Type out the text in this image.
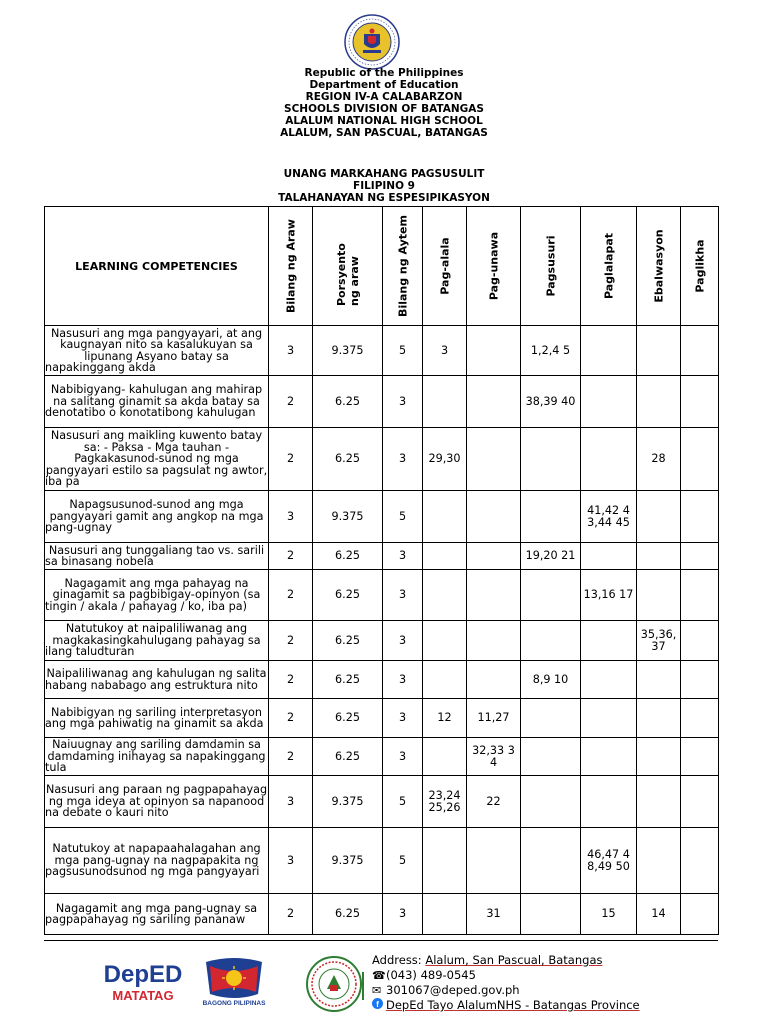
Republic of the Philippines
Department of Education
REGION IV-A CALABARZON
SCHOOLS DIVISION OF BATANGAS
ALALUM NATIONAL HIGH SCHOOL
ALALUM, SAN PASCUAL, BATANGAS
UNANG MARKAHANG PAGSUSULIT
FILIPINO 9
TALAHANAYAN NG ESPESIPIKASYON
LEARNING COMPETENCIES	Bilang ng Araw	Porsyento ng araw	Bilang ng Aytem	Pag-alala	Pag-unawa	Pagsusuri	Paglalapat	Ebalwasyon	Paglikha

Nasusuri ang mga pangyayari, at ang kaugnayan nito sa kasalukuyan sa lipunang Asyano batay sa napakinggang akda	3	9.375	5	3		1,2,4 5			

Nabibigyang- kahulugan ang mahirap na salitang ginamit sa akda batay sa denotatibo o konotatibong kahulugan	2	6.25	3			38,39 40			

Nasusuri ang maikling kuwento batay sa: - Paksa - Mga tauhan - Pagkakasunod-sunod ng mga pangyayari estilo sa pagsulat ng awtor, iba pa	2	6.25	3	29,30				28	

Napagsusunod-sunod ang mga pangyayari gamit ang angkop na mga pang-ugnay	3	9.375	5				41,42 43,44 45		

Nasusuri ang tunggaliang tao vs. sarili sa binasang nobela	2	6.25	3			19,20 21			

Nagagamit ang mga pahayag na ginagamit sa pagbibigay-opinyon (sa tingin / akala / pahayag / ko, iba pa)	2	6.25	3				13,16 17		

Natutukoy at naipaliliwanag ang magkakasingkahulugang pahayag sa ilang taludturan	2	6.25	3					35,36,37	

Naipaliliwanag ang kahulugan ng salita habang nababago ang estruktura nito	2	6.25	3			8,9 10			

Nabibigyan ng sariling interpretasyon ang mga pahiwatig na ginamit sa akda	2	6.25	3	12	11,27				

Naiuugnay ang sariling damdamin sa damdaming inihayag sa napakinggang tula	2	6.25	3		32,33 34				

Nasusuri ang paraan ng pagpapahayag ng mga ideya at opinyon sa napanood na debate o kauri nito	3	9.375	5	23,24 25,26	22				

Natutukoy at napapaahalagahan ang mga pang-ugnay na nagpapakita ng pagsusunodsunod ng mga pangyayari	3	9.375	5				46,47 48,49 50		

Nagagamit ang mga pang-ugnay sa pagpapahayag ng sariling pananaw	2	6.25	3		31		15	14	

DepED
MATATAG
BAGONG PILIPINAS
Address:
Alalum, San Pascual, Batangas
☎ (043) 489-0545
✉ 301067@deped.gov.ph
f DepEd Tayo AlalumNHS - Batangas Province
